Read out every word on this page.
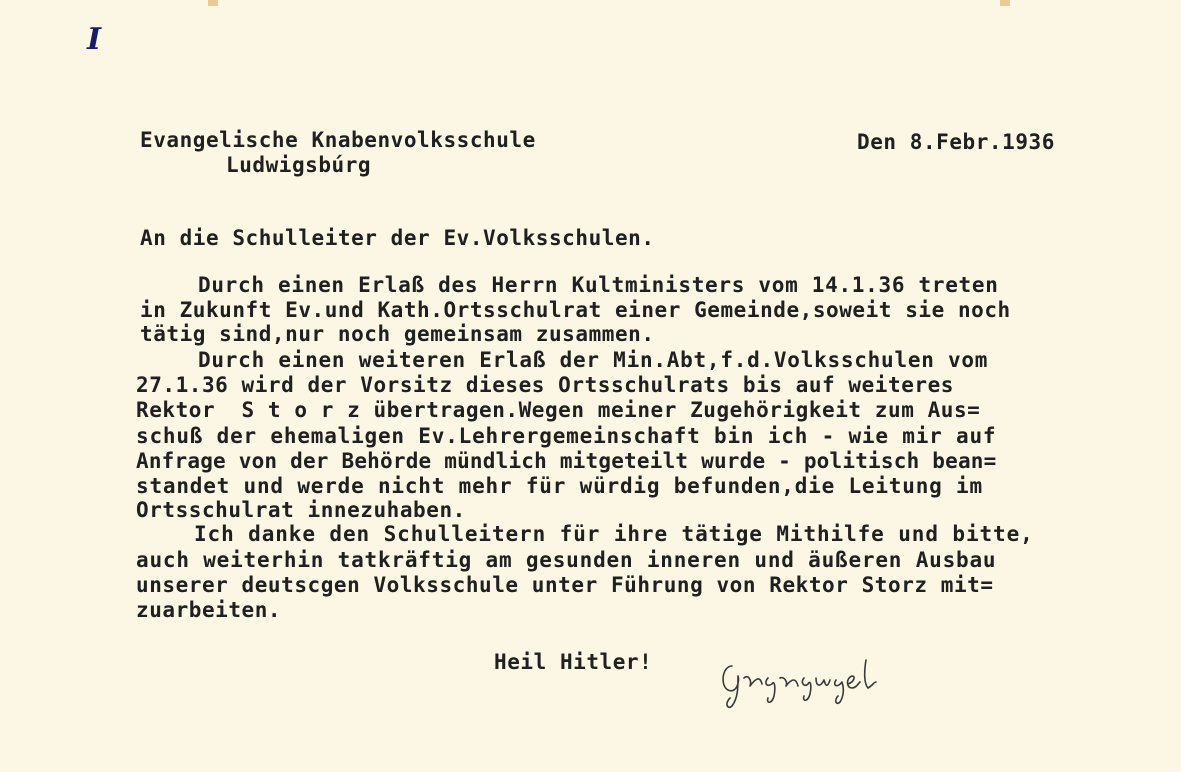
I
Evangelische Knabenvolksschule
Ludwigsbúrg
Den 8.Febr.1936
An die Schulleiter der Ev.Volksschulen.
Durch einen Erlaß des Herrn Kultministers vom 14.1.36 treten
in Zukunft Ev.und Kath.Ortsschulrat einer Gemeinde,soweit sie noch
tätig sind,nur noch gemeinsam zusammen.
Durch einen weiteren Erlaß der Min.Abt,f.d.Volksschulen vom
27.1.36 wird der Vorsitz dieses Ortsschulrats bis auf weiteres
Rektor  S t o r z übertragen.Wegen meiner Zugehörigkeit zum Aus=
schuß der ehemaligen Ev.Lehrergemeinschaft bin ich - wie mir auf
Anfrage von der Behörde mündlich mitgeteilt wurde - politisch bean=
standet und werde nicht mehr für würdig befunden,die Leitung im
Ortsschulrat innezuhaben.
Ich danke den Schulleitern für ihre tätige Mithilfe und bitte,
auch weiterhin tatkräftig am gesunden inneren und äußeren Ausbau
unserer deutscgen Volksschule unter Führung von Rektor Storz mit=
zuarbeiten.
Heil Hitler!
